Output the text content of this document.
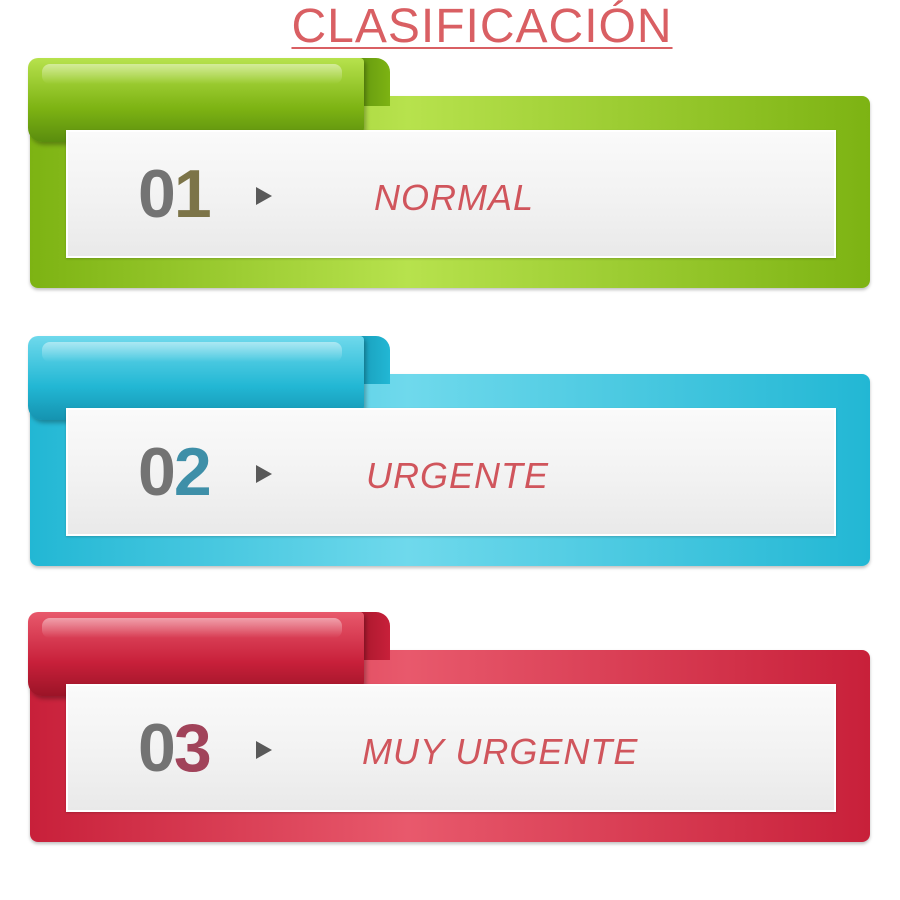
CLASIFICACIÓN
01	NORMAL
02	URGENTE
03	MUY URGENTE
